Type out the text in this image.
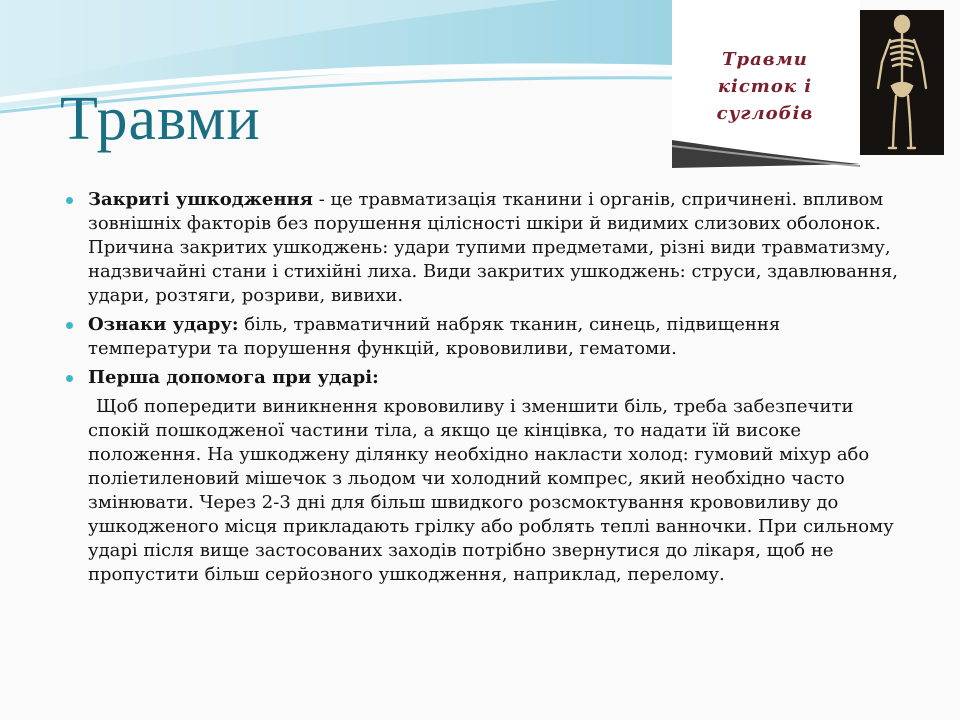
Травми
Травми
кісток і
суглобів

Закриті ушкодження - це травматизація тканини і органів, спричинені. впливом зовнішніх факторів без порушення цілісності шкіри й видимих слизових оболонок. Причина закритих ушкоджень: удари тупими предметами, різні види травматизму, надзвичайні стани і стихійні лиха. Види закритих ушкоджень: струси, здавлювання, удари, розтяги, розриви, вивихи.

Ознаки удару: біль, травматичний набряк тканин, синець, підвищення температури та порушення функцій, крововиливи, гематоми.

Перша допомога при ударі:

Щоб попередити виникнення крововиливу і зменшити біль, треба забезпечити спокій пошкодженої частини тіла, а якщо це кінцівка, то надати їй високе положення. На ушкоджену ділянку необхідно накласти холод: гумовий міхур або поліетиленовий мішечок з льодом чи холодний компрес, який необхідно часто змінювати. Через 2-3 дні для більш швидкого розсмоктування крововиливу до ушкодженого місця прикладають грілку або роблять теплі ванночки. При сильному ударі після вище застосованих заходів потрібно звернутися до лікаря, щоб не пропустити більш серйозного ушкодження, наприклад, перелому.
